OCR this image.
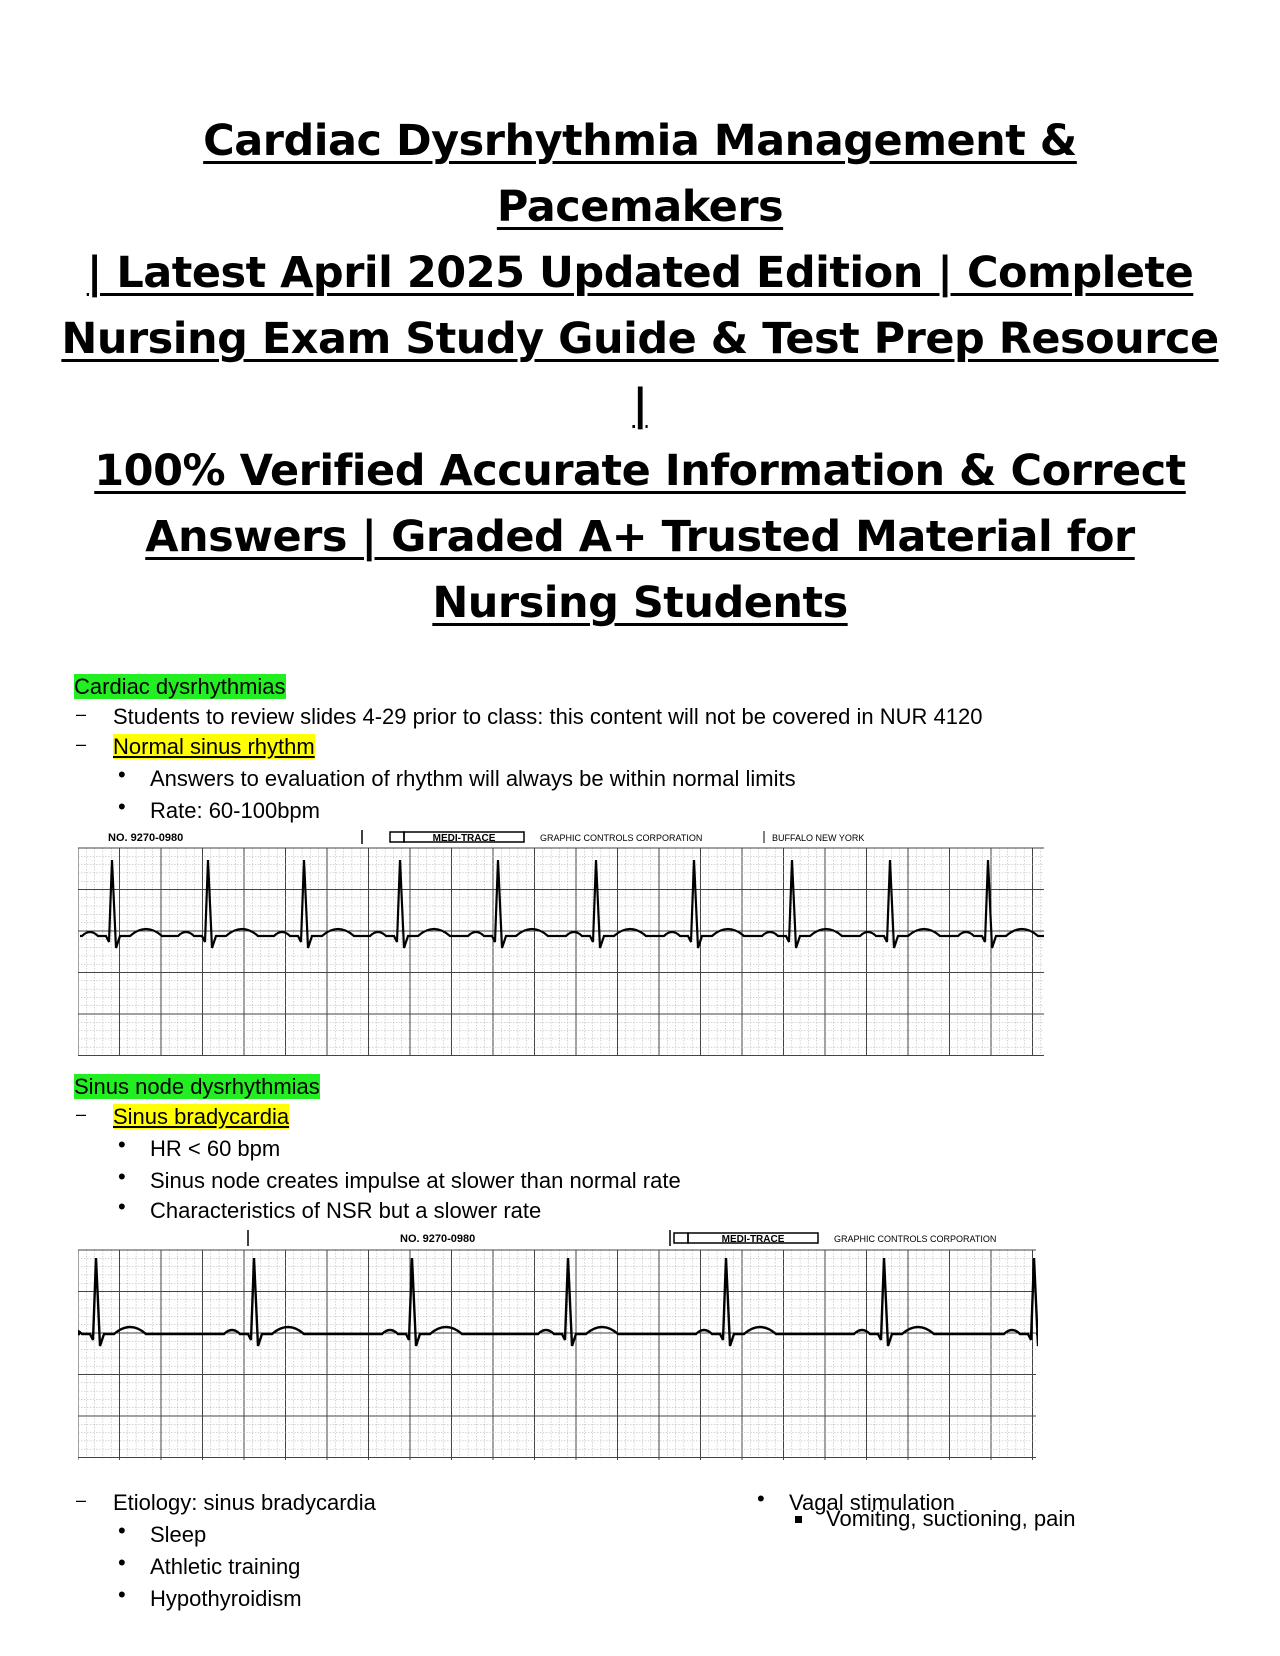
Cardiac Dysrhythmia Management & Pacemakers
| Latest April 2025 Updated Edition | Complete
Nursing Exam Study Guide & Test Prep Resource |
100% Verified Accurate Information & Correct
Answers | Graded A+ Trusted Material for
Nursing Students
Cardiac dysrhythmias
– Students to review slides 4-29 prior to class: this content will not be covered in NUR 4120
– Normal sinus rhythm
• Answers to evaluation of rhythm will always be within normal limits
• Rate: 60-100bpm
NO. 9270-0980	MEDI-TRACE	GRAPHIC CONTROLS CORPORATION	BUFFALO NEW YORK
Sinus node dysrhythmias
– Sinus bradycardia
• HR < 60 bpm
• Sinus node creates impulse at slower than normal rate
• Characteristics of NSR but a slower rate
NO. 9270-0980	MEDI-TRACE	GRAPHIC CONTROLS CORPORATION
– Etiology: sinus bradycardia
• Sleep
• Athletic training
• Hypothyroidism
• Vagal stimulation
Vomiting, suctioning, pain
